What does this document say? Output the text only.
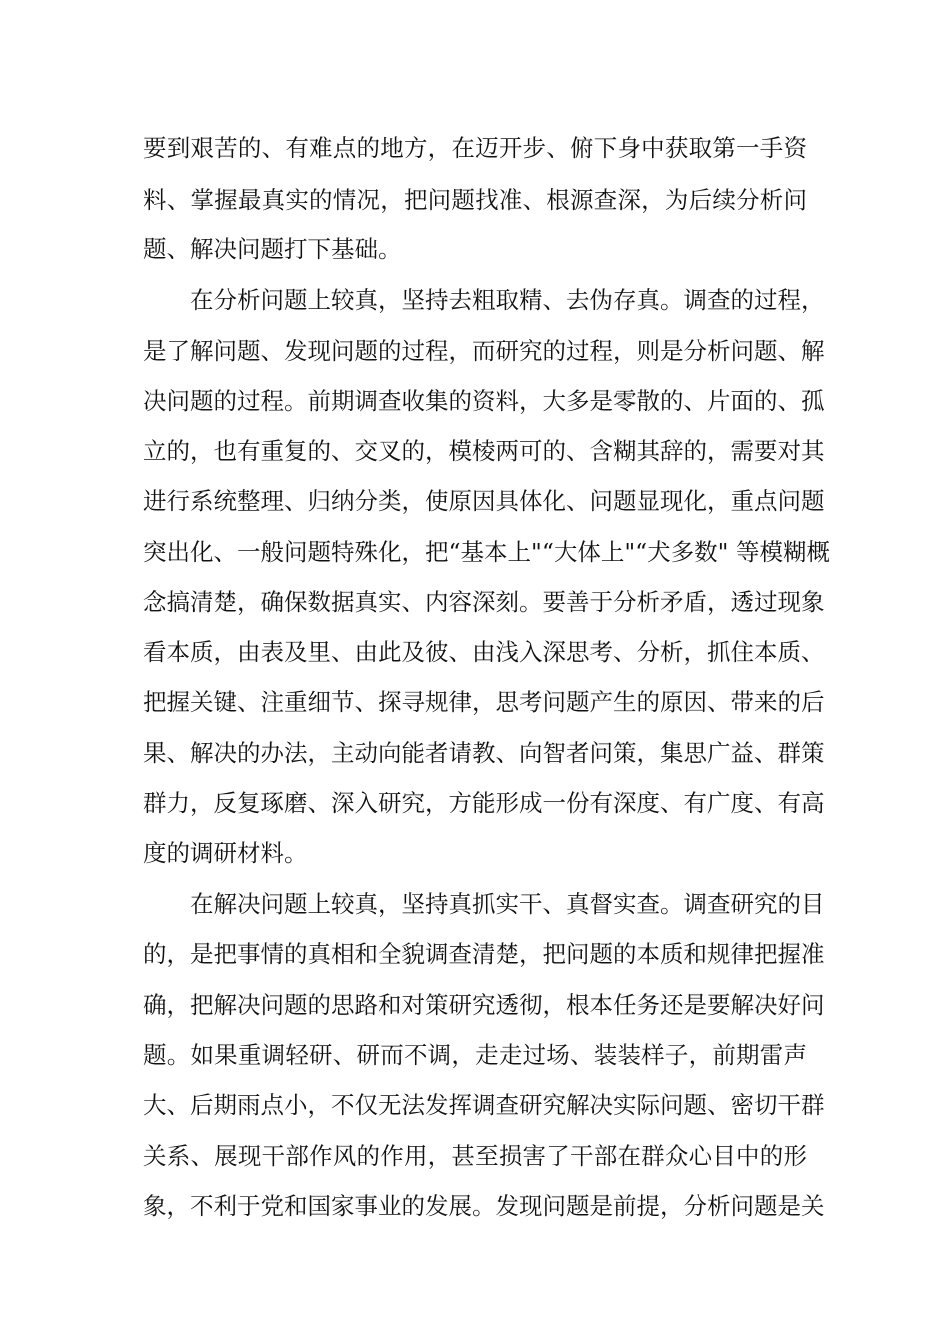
要到艰苦的、有难点的地方，在迈开步、俯下身中获取第一手资
料、掌握最真实的情况，把问题找准、根源查深，为后续分析问
题、解决问题打下基础。
在分析问题上较真，坚持去粗取精、去伪存真。调查的过程，
是了解问题、发现问题的过程，而研究的过程，则是分析问题、解
决问题的过程。前期调查收集的资料，大多是零散的、片面的、孤
立的，也有重复的、交叉的，模棱两可的、含糊其辞的，需要对其
进行系统整理、归纳分类，使原因具体化、问题显现化，重点问题
突出化、一般问题特殊化，把“基本上"“大体上"“犬多数" 等模糊概
念搞清楚，确保数据真实、内容深刻。要善于分析矛盾，透过现象
看本质，由表及里、由此及彼、由浅入深思考、分析，抓住本质、
把握关键、注重细节、探寻规律，思考问题产生的原因、带来的后
果、解决的办法，主动向能者请教、向智者问策，集思广益、群策
群力，反复琢磨、深入研究，方能形成一份有深度、有广度、有高
度的调研材料。
在解决问题上较真，坚持真抓实干、真督实查。调查研究的目
的，是把事情的真相和全貌调查清楚，把问题的本质和规律把握准
确，把解决问题的思路和对策研究透彻，根本任务还是要解决好问
题。如果重调轻研、研而不调，走走过场、装装样子，前期雷声
大、后期雨点小，不仅无法发挥调查研究解决实际问题、密切干群
关系、展现干部作风的作用，甚至损害了干部在群众心目中的形
象，不利于党和国家事业的发展。发现问题是前提，分析问题是关
